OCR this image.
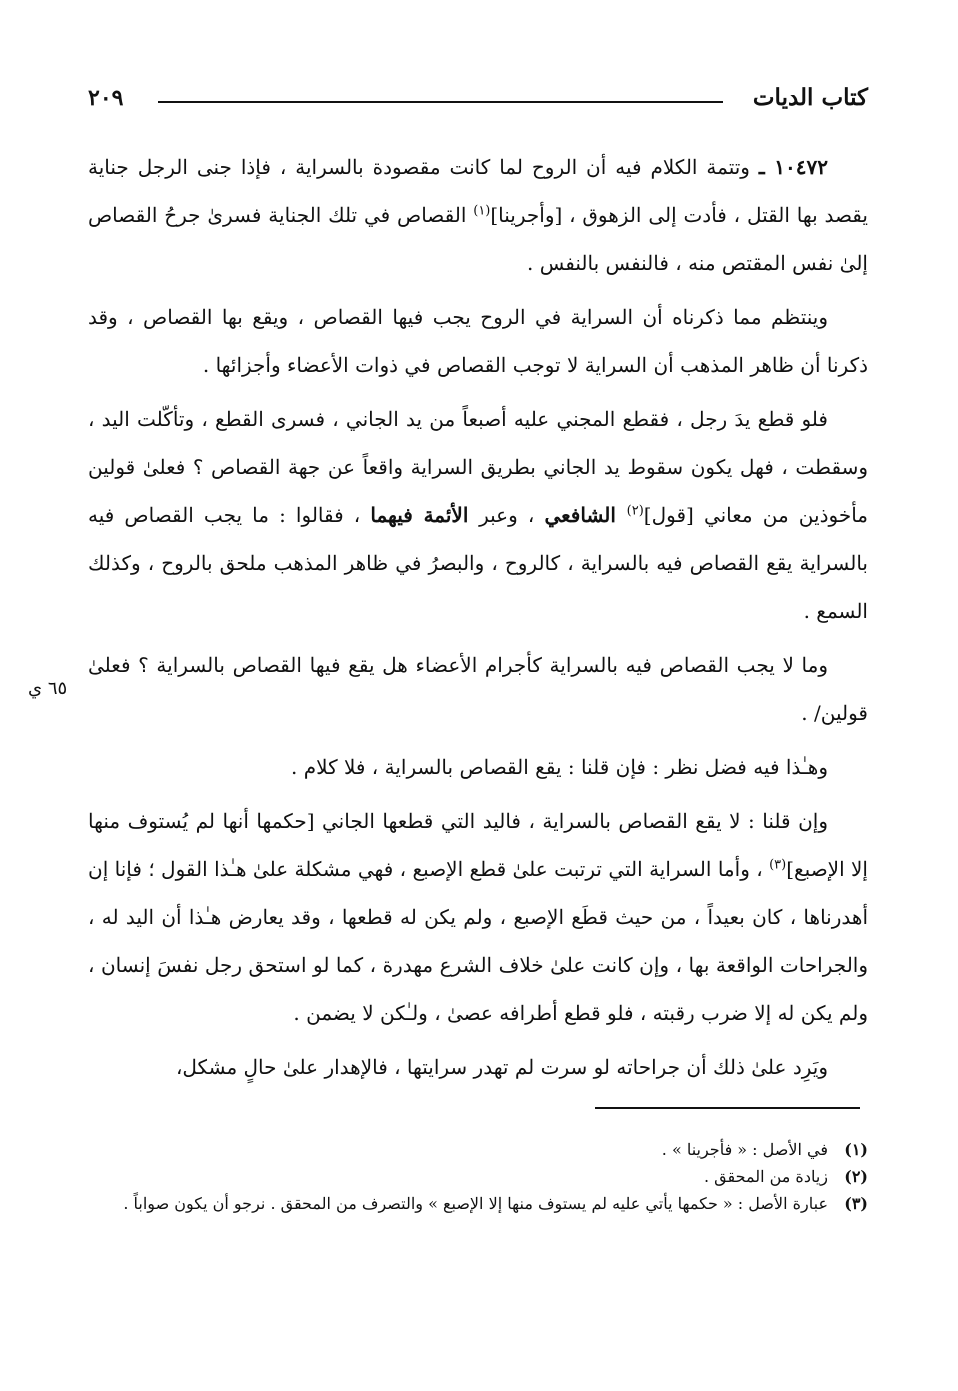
كتاب الديات
٢٠٩
٦٥ ي

١٠٤٧٢ ـ وتتمة الكلام فيه أن الروح لما كانت مقصودة بالسراية ، فإذا جنى الرجل جناية يقصد بها القتل ، فأدت إلى الزهوق ، [وأجرينا]$^{(١)}$ القصاص في تلك الجناية فسرىٰ جرحُ القصاص إلىٰ نفس المقتص منه ، فالنفس بالنفس .

وينتظم مما ذكرناه أن السراية في الروح يجب فيها القصاص ، ويقع بها القصاص ، وقد ذكرنا أن ظاهر المذهب أن السراية لا توجب القصاص في ذوات الأعضاء وأجزائها .

فلو قطع يدَ رجل ، فقطع المجني عليه أصبعاً من يد الجاني ، فسرى القطع ، وتأكّلت اليد ، وسقطت ، فهل يكون سقوط يد الجاني بطريق السراية واقعاً عن جهة القصاص ؟ فعلىٰ قولين مأخوذين من معاني [قول]$^{(٢)}$ الشافعي ، وعبر الأئمة فيهما ، فقالوا : ما يجب القصاص فيه بالسراية يقع القصاص فيه بالسراية ، كالروح ، والبصرُ في ظاهر المذهب ملحق بالروح ، وكذلك السمع .

وما لا يجب القصاص فيه بالسراية كأجرام الأعضاء هل يقع فيها القصاص بالسراية ؟ فعلىٰ قولين/ .

وهـٰذا فيه فضل نظر : فإن قلنا : يقع القصاص بالسراية ، فلا كلام .

وإن قلنا : لا يقع القصاص بالسراية ، فاليد التي قطعها الجاني [حكمها أنها لم يُستوف منها إلا الإصبع]$^{(٣)}$ ، وأما السراية التي ترتبت علىٰ قطع الإصبع ، فهي مشكلة علىٰ هـٰذا القول ؛ فإنا إن أهدرناها ، كان بعيداً ، من حيث قطَع الإصبع ، ولم يكن له قطعها ، وقد يعارض هـٰذا أن اليد له ، والجراحات الواقعة بها ، وإن كانت علىٰ خلاف الشرع مهدرة ، كما لو استحق رجل نفسَ إنسان ، ولم يكن له إلا ضرب رقبته ، فلو قطع أطرافه عصىٰ ، ولـٰكن لا يضمن .

ويَرِد علىٰ ذلك أن جراحاته لو سرت لم تهدر سرايتها ، فالإهدار علىٰ حالٍ مشكل،

(١)
في الأصل : « فأجرينا » .
(٢)
زيادة من المحقق .
(٣)
عبارة الأصل : « حكمها يأتي عليه لم يستوف منها إلا الإصبع » والتصرف من المحقق . نرجو أن يكون صواباً .
